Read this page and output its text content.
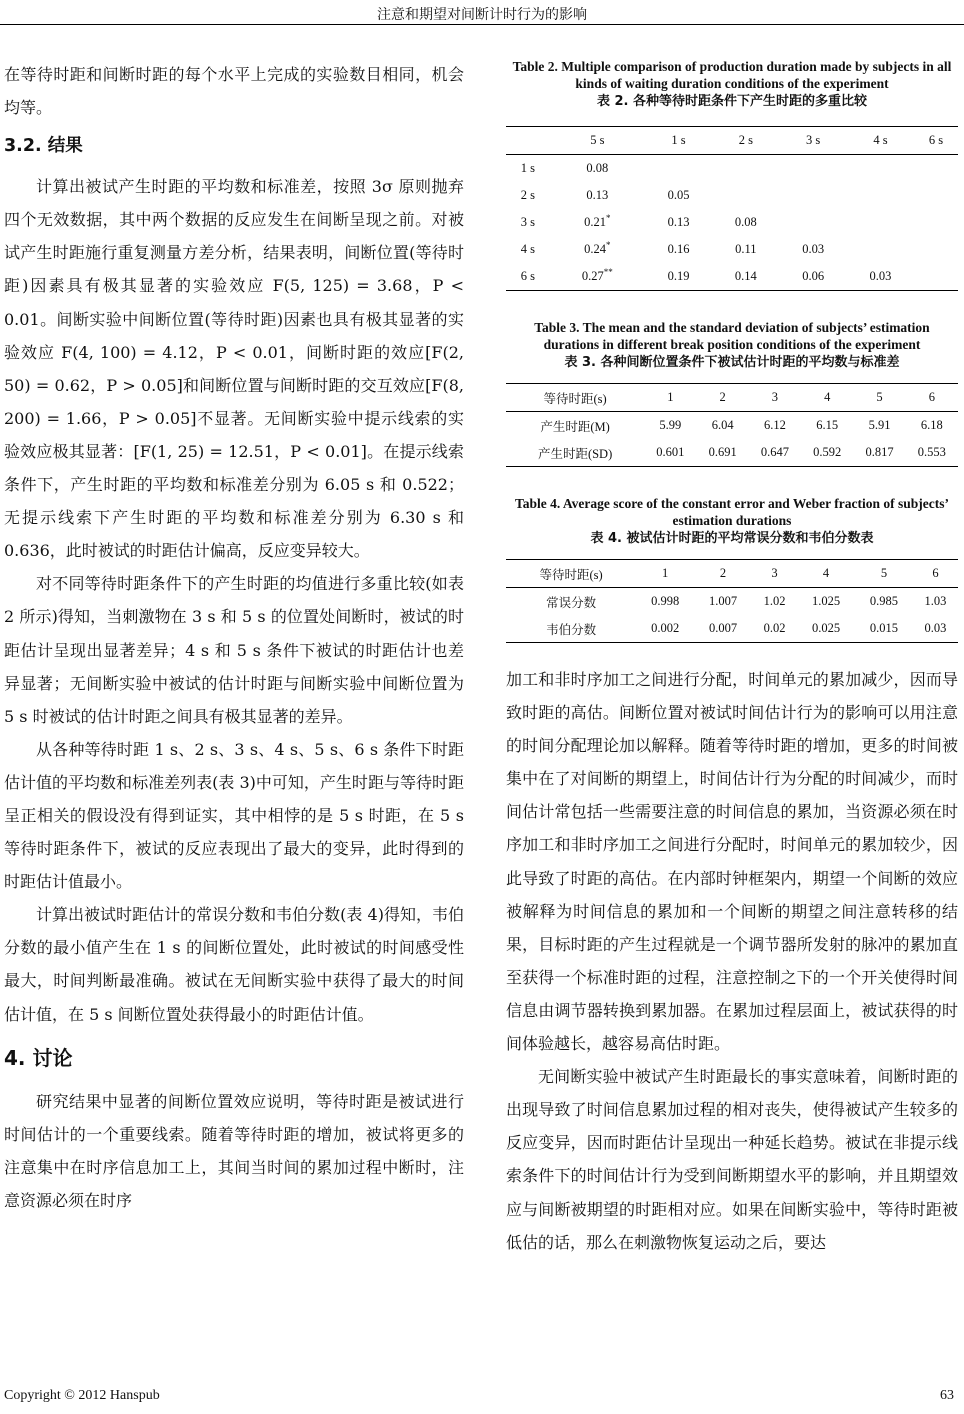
注意和期望对间断计时行为的影响

在等待时距和间断时距的每个水平上完成的实验数目相同，机会均等。

3.2. 结果

计算出被试产生时距的平均数和标准差，按照 3σ 原则抛弃四个无效数据，其中两个数据的反应发生在间断呈现之前。对被试产生时距施行重复测量方差分析，结果表明，间断位置(等待时距)因素具有极其显著的实验效应 F(5, 125) = 3.68，P < 0.01。间断实验中间断位置(等待时距)因素也具有极其显著的实验效应 F(4, 100) = 4.12，P < 0.01，间断时距的效应[F(2, 50) = 0.62，P > 0.05]和间断位置与间断时距的交互效应[F(8, 200) = 1.66，P > 0.05]不显著。无间断实验中提示线索的实验效应极其显著：[F(1, 25) = 12.51，P < 0.01]。在提示线索条件下，产生时距的平均数和标准差分别为 6.05 s 和 0.522；无提示线索下产生时距的平均数和标准差分别为 6.30 s 和 0.636，此时被试的时距估计偏高，反应变异较大。

对不同等待时距条件下的产生时距的均值进行多重比较(如表 2 所示)得知，当刺激物在 3 s 和 5 s 的位置处间断时，被试的时距估计呈现出显著差异；4 s 和 5 s 条件下被试的时距估计也差异显著；无间断实验中被试的估计时距与间断实验中间断位置为 5 s 时被试的估计时距之间具有极其显著的差异。

从各种等待时距 1 s、2 s、3 s、4 s、5 s、6 s 条件下时距估计值的平均数和标准差列表(表 3)中可知，产生时距与等待时距呈正相关的假设没有得到证实，其中相悖的是 5 s 时距，在 5 s 等待时距条件下，被试的反应表现出了最大的变异，此时得到的时距估计值最小。

计算出被试时距估计的常误分数和韦伯分数(表 4)得知，韦伯分数的最小值产生在 1 s 的间断位置处，此时被试的时间感受性最大，时间判断最准确。被试在无间断实验中获得了最大的时间估计值，在 5 s 间断位置处获得最小的时距估计值。

4. 讨论

研究结果中显著的间断位置效应说明，等待时距是被试进行时间估计的一个重要线索。随着等待时距的增加，被试将更多的注意集中在时序信息加工上，其间当时间的累加过程中断时，注意资源必须在时序

Table 2. Multiple comparison of production duration made by subjects in all kinds of waiting duration conditions of the experiment
表 2. 各种等待时距条件下产生时距的多重比较
	5 s	1 s	2 s	3 s	4 s	6 s
1 s	0.08					
2 s	0.13	0.05				
3 s	0.21*	0.13	0.08			
4 s	0.24*	0.16	0.11	0.03		
6 s	0.27**	0.19	0.14	0.06	0.03	
Table 3. The mean and the standard deviation of subjects’ estimation durations in different break position conditions of the experiment
表 3. 各种间断位置条件下被试估计时距的平均数与标准差
等待时距(s)	1	2	3	4	5	6
产生时距(M)	5.99	6.04	6.12	6.15	5.91	6.18
产生时距(SD)	0.601	0.691	0.647	0.592	0.817	0.553
Table 4. Average score of the constant error and Weber fraction of subjects’ estimation durations
表 4. 被试估计时距的平均常误分数和韦伯分数表
等待时距(s)	1	2	3	4	5	6
常误分数	0.998	1.007	1.02	1.025	0.985	1.03
韦伯分数	0.002	0.007	0.02	0.025	0.015	0.03

加工和非时序加工之间进行分配，时间单元的累加减少，因而导致时距的高估。间断位置对被试时间估计行为的影响可以用注意的时间分配理论加以解释。随着等待时距的增加，更多的时间被集中在了对间断的期望上，时间估计行为分配的时间减少，而时间估计常包括一些需要注意的时间信息的累加，当资源必须在时序加工和非时序加工之间进行分配时，时间单元的累加较少，因此导致了时距的高估。在内部时钟框架内，期望一个间断的效应被解释为时间信息的累加和一个间断的期望之间注意转移的结果，目标时距的产生过程就是一个调节器所发射的脉冲的累加直至获得一个标准时距的过程，注意控制之下的一个开关使得时间信息由调节器转换到累加器。在累加过程层面上，被试获得的时间体验越长，越容易高估时距。

无间断实验中被试产生时距最长的事实意味着，间断时距的出现导致了时间信息累加过程的相对丧失，使得被试产生较多的反应变异，因而时距估计呈现出一种延长趋势。被试在非提示线索条件下的时间估计行为受到间断期望水平的影响，并且期望效应与间断被期望的时距相对应。如果在间断实验中，等待时距被低估的话，那么在刺激物恢复运动之后，要达

Copyright © 2012 Hanspub	63
